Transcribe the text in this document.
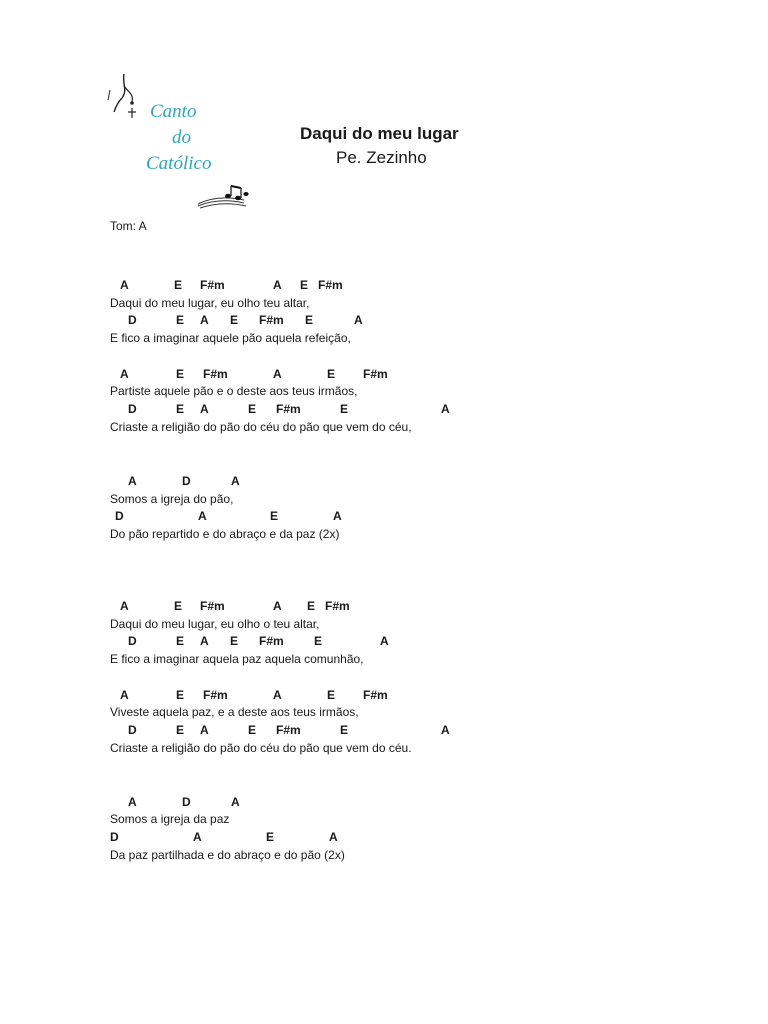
Canto
do
Católico
Daqui do meu lugar
Pe. Zezinho
Tom: A
A	E F#m	A E F#m
Daqui do meu lugar, eu olho teu altar,
D	E A E F#m E	A
E fico a imaginar aquele pão aquela refeição,
A	E F#m	A	E F#m
Partiste aquele pão e o deste aos teus irmãos,
D	E A	E F#m	E	A
Criaste a religião do pão do céu do pão que vem do céu,
A	D	A
Somos a igreja do pão,
D	A	E	A
Do pão repartido e do abraço e da paz (2x)
A	E F#m	A E F#m
Daqui do meu lugar, eu olho o teu altar,
D	E A E F#m	E	A
E fico a imaginar aquela paz aquela comunhão,
A	E F#m	A	E F#m
Viveste aquela paz, e a deste aos teus irmãos,
D	E A	E F#m	E	A
Criaste a religião do pão do céu do pão que vem do céu.
A	D	A
Somos a igreja da paz
D	A	E	A
Da paz partilhada e do abraço e do pão (2x)
